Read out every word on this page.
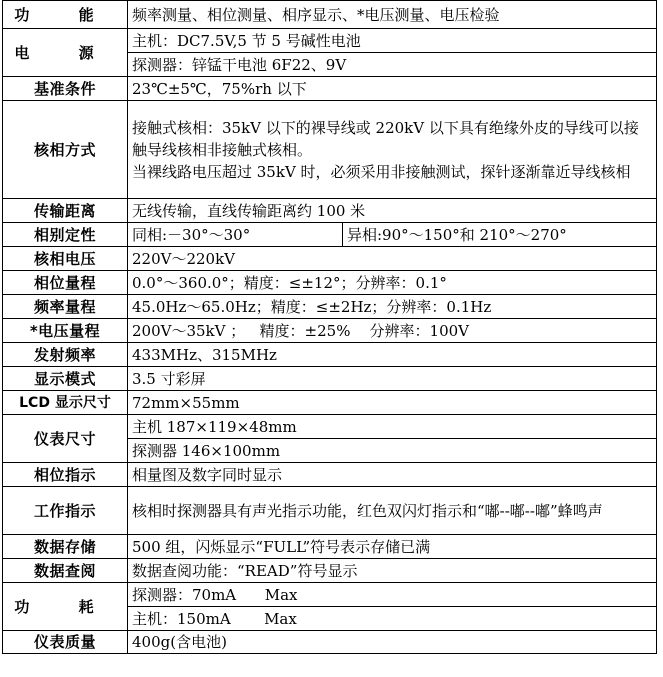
功 能	频率测量、相位测量、相序显示、*电压测量、电压检验	
电 源	主机：DC7.5V,5 节 5 号碱性电池	
	探测器：锌锰干电池 6F22、9V	
基准条件	23℃±5℃，75%rh 以下	
核相方式	接触式核相：35kV 以下的裸导线或 220kV 以下具有绝缘外皮的导线可以接触导线核相非接触式核相。
当裸线路电压超过 35kV 时，必须采用非接触测试，探针逐渐靠近导线核相	

传输距离	无线传输，直线传输距离约 100 米	
相别定性	同相:－30°～30°	异相:90°～150°和 210°～270°
核相电压	220V～220kV	
相位量程	0.0°～360.0°；精度：≤±12°；分辨率：0.1°	
频率量程	45.0Hz～65.0Hz；精度：≤±2Hz；分辨率：0.1Hz	
*电压量程	200V～35kV ；   精度：±25%    分辨率：100V	
发射频率	433MHz、315MHz	
显示模式	3.5 寸彩屏	
LCD 显示尺寸	72mm×55mm	
仪表尺寸	主机 187×119×48mm	
	探测器 146×100mm	
相位指示	相量图及数字同时显示	
工作指示	核相时探测器具有声光指示功能，红色双闪灯指示和“嘟--嘟--嘟”蜂鸣声	
数据存储	500 组，闪烁显示“FULL”符号表示存储已满	
数据查阅	数据查阅功能：“READ”符号显示	
功 耗	探测器：70mA      Max	
	主机：150mA       Max	
仪表质量	400g(含电池)	
